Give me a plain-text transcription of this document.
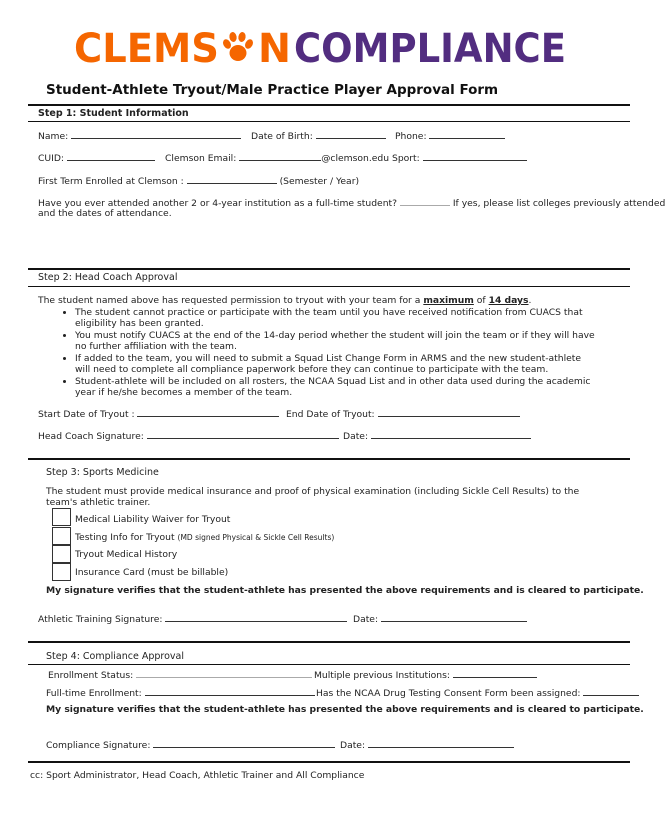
CLEMS N COMPLIANCE
Student-Athlete Tryout/Male Practice Player Approval Form
Step 1: Student Information
Name:	Date of Birth:	Phone:
CUID:	Clemson Email:	@clemson.edu Sport:
First Term Enrolled at Clemson :	(Semester / Year)
Have you ever attended another 2 or 4-year institution as a full-time student?	If yes, please list colleges previously attended
and the dates of attendance.
Step 2: Head Coach Approval
The student named above has requested permission to tryout with your team for a maximum of 14 days.
• The student cannot practice or participate with the team until you have received notification from CUACS that eligibility has been granted.
• You must notify CUACS at the end of the 14-day period whether the student will join the team or if they will have no further affiliation with the team.
• If added to the team, you will need to submit a Squad List Change Form in ARMS and the new student-athlete will need to complete all compliance paperwork before they can continue to participate with the team.
• Student-athlete will be included on all rosters, the NCAA Squad List and in other data used during the academic year if he/she becomes a member of the team.
Start Date of Tryout :	End Date of Tryout:
Head Coach Signature:	Date:
Step 3: Sports Medicine
The student must provide medical insurance and proof of physical examination (including Sickle Cell Results) to the team's athletic trainer.
Medical Liability Waiver for Tryout
Testing Info for Tryout (MD signed Physical & Sickle Cell Results)
Tryout Medical History
Insurance Card (must be billable)
My signature verifies that the student-athlete has presented the above requirements and is cleared to participate.
Athletic Training Signature:	Date:
Step 4: Compliance Approval
Enrollment Status:	Multiple previous Institutions:
Full-time Enrollment:	Has the NCAA Drug Testing Consent Form been assigned:
My signature verifies that the student-athlete has presented the above requirements and is cleared to participate.
Compliance Signature:	Date:
cc: Sport Administrator, Head Coach, Athletic Trainer and All Compliance
